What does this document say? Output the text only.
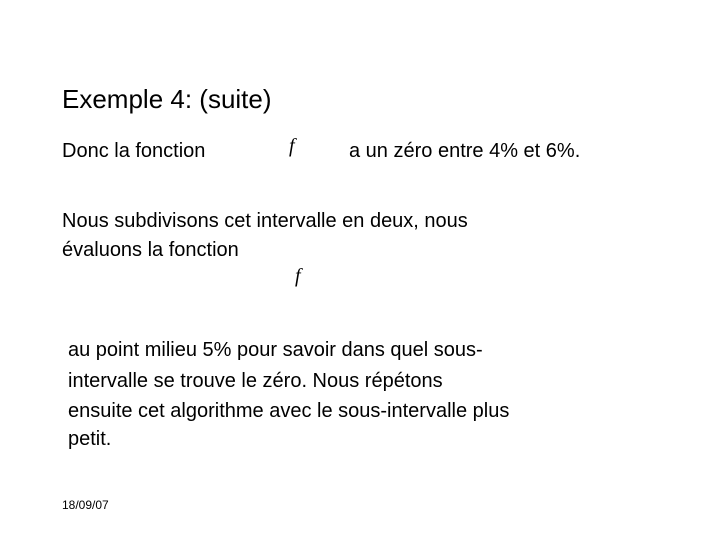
Exemple 4: (suite)
Donc la fonction	f	a un zéro entre 4% et 6%.
Nous subdivisons cet intervalle en deux, nous
évaluons la fonction
f
au point milieu 5% pour savoir dans quel sous-
intervalle se trouve le zéro. Nous répétons
ensuite cet algorithme avec le sous-intervalle plus
petit.
18/09/07
